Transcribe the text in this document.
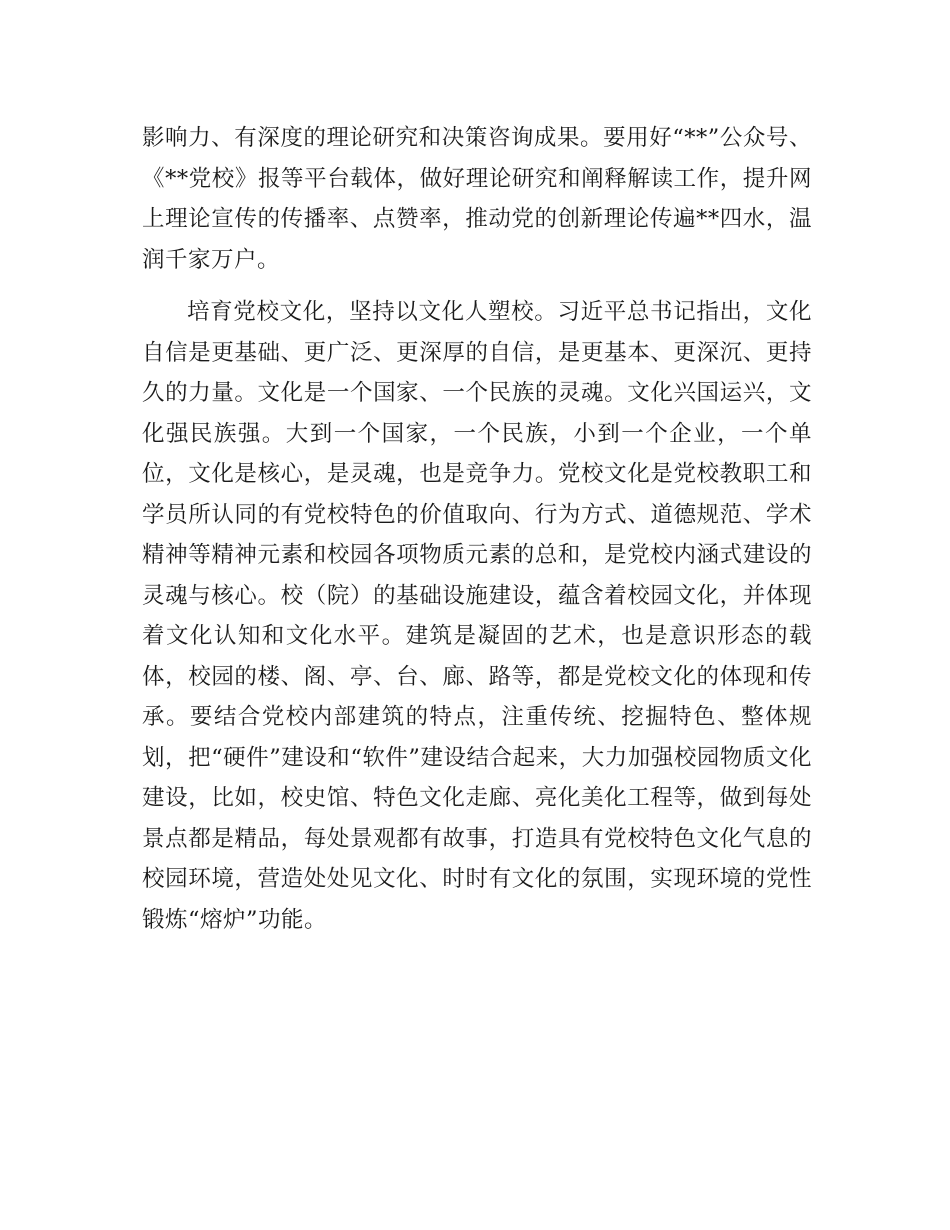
影响力、有深度的理论研究和决策咨询成果。要用好“**”公众号、《**党校》报等平台载体，做好理论研究和阐释解读工作，提升网上理论宣传的传播率、点赞率，推动党的创新理论传遍**四水，温润千家万户。

培育党校文化，坚持以文化人塑校。习近平总书记指出，文化自信是更基础、更广泛、更深厚的自信，是更基本、更深沉、更持久的力量。文化是一个国家、一个民族的灵魂。文化兴国运兴，文化强民族强。大到一个国家，一个民族，小到一个企业，一个单位，文化是核心，是灵魂，也是竞争力。党校文化是党校教职工和学员所认同的有党校特色的价值取向、行为方式、道德规范、学术精神等精神元素和校园各项物质元素的总和，是党校内涵式建设的灵魂与核心。校（院）的基础设施建设，蕴含着校园文化，并体现着文化认知和文化水平。建筑是凝固的艺术，也是意识形态的载体，校园的楼、阁、亭、台、廊、路等，都是党校文化的体现和传承。要结合党校内部建筑的特点，注重传统、挖掘特色、整体规划，把“硬件”建设和“软件”建设结合起来，大力加强校园物质文化建设，比如，校史馆、特色文化走廊、亮化美化工程等，做到每处景点都是精品，每处景观都有故事，打造具有党校特色文化气息的校园环境，营造处处见文化、时时有文化的氛围，实现环境的党性锻炼“熔炉”功能。
